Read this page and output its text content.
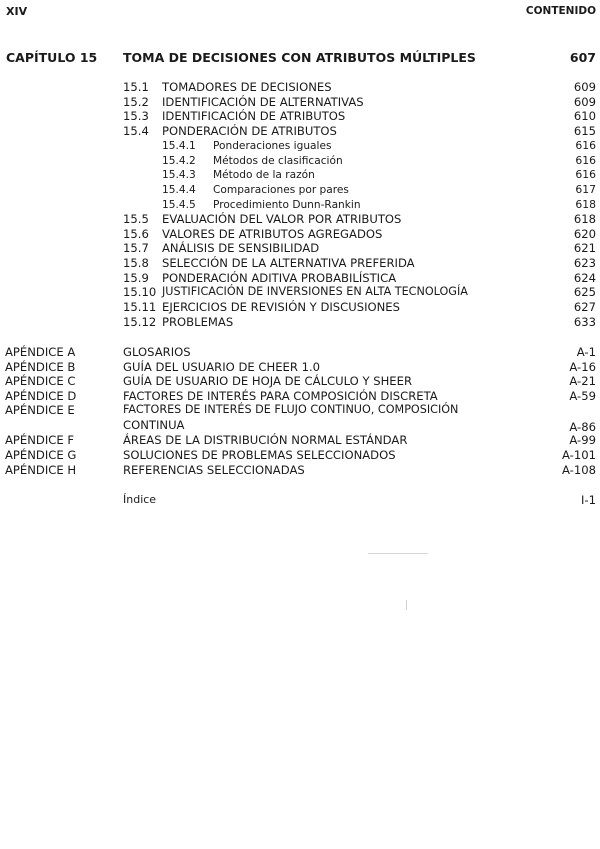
XIV	CONTENIDO
CAPÍTULO 15 TOMA DE DECISIONES CON ATRIBUTOS MÚLTIPLES	607
15.1 TOMADORES DE DECISIONES	609
15.2 IDENTIFICACIÓN DE ALTERNATIVAS	609
15.3 IDENTIFICACIÓN DE ATRIBUTOS	610
15.4 PONDERACIÓN DE ATRIBUTOS	615
15.4.1 Ponderaciones iguales	616
15.4.2 Métodos de clasificación	616
15.4.3 Método de la razón	616
15.4.4 Comparaciones por pares	617
15.4.5 Procedimiento Dunn-Rankin	618
15.5 EVALUACIÓN DEL VALOR POR ATRIBUTOS	618
15.6 VALORES DE ATRIBUTOS AGREGADOS	620
15.7 ANÁLISIS DE SENSIBILIDAD	621
15.8 SELECCIÓN DE LA ALTERNATIVA PREFERIDA	623
15.9 PONDERACIÓN ADITIVA PROBABILÍSTICA	624
15.10 JUSTIFICACIÓN DE INVERSIONES EN ALTA TECNOLOGÍA	625
15.11 EJERCICIOS DE REVISIÓN Y DISCUSIONES	627
15.12 PROBLEMAS	633
APÉNDICE A	GLOSARIOS	A-1
APÉNDICE B	GUÍA DEL USUARIO DE CHEER 1.0	A-16
APÉNDICE C	GUÍA DE USUARIO DE HOJA DE CÁLCULO Y SHEER	A-21
APÉNDICE D	FACTORES DE INTERÉS PARA COMPOSICIÓN DISCRETA	A-59
APÉNDICE E	FACTORES DE INTERÉS DE FLUJO CONTINUO, COMPOSICIÓN
CONTINUA	A-86
APÉNDICE F	ÁREAS DE LA DISTRIBUCIÓN NORMAL ESTÁNDAR	A-99
APÉNDICE G	SOLUCIONES DE PROBLEMAS SELECCIONADOS	A-101
APÉNDICE H	REFERENCIAS SELECCIONADAS	A-108
Índice	I-1
